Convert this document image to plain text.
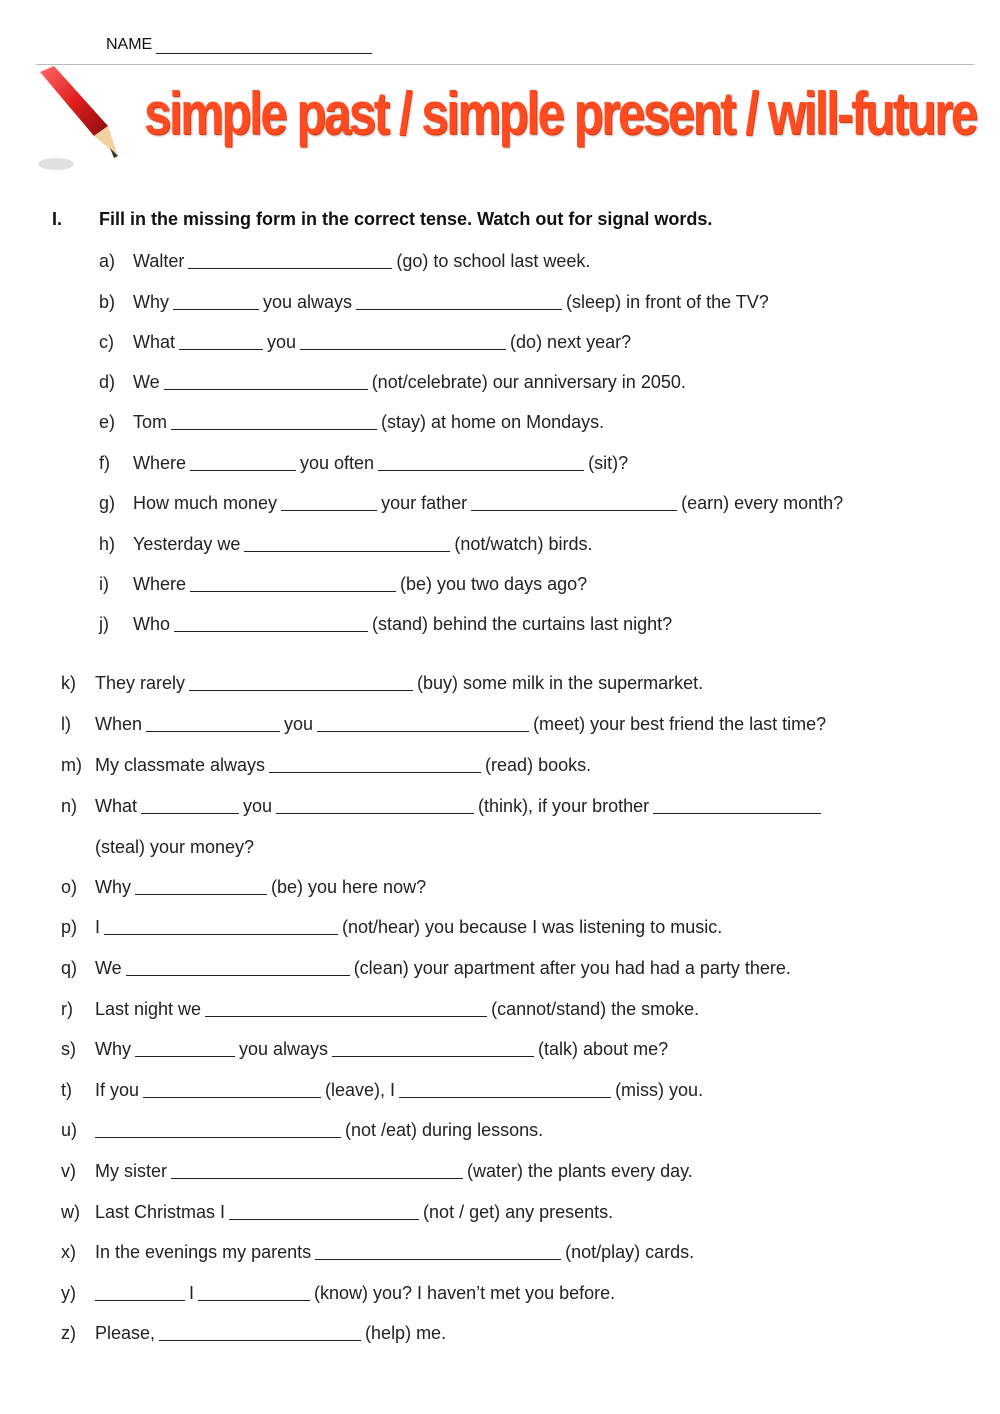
NAME
simple past / simple present / will-future
I. Fill in the missing form in the correct tense. Watch out for signal words.
a) Walter	(go) to school last week.
b) Why	you always	(sleep) in front of the TV?
c) What	you	(do) next year?
d) We	(not/celebrate) our anniversary in 2050.
e) Tom	(stay) at home on Mondays.
f) Where	you often	(sit)?
g) How much money	your father	(earn) every month?
h) Yesterday we	(not/watch) birds.
i) Where	(be) you two days ago?
j) Who	(stand) behind the curtains last night?
k) They rarely	(buy) some milk in the supermarket.
l) When	you	(meet) your best friend the last time?
m) My classmate always	(read) books.
n) What	you	(think), if your brother
(steal) your money?
o) Why	(be) you here now?
p) I	(not/hear) you because I was listening to music.
q) We	(clean) your apartment after you had had a party there.
r) Last night we	(cannot/stand) the smoke.
s) Why	you always	(talk) about me?
t) If you	(leave), I	(miss) you.
u)	(not /eat) during lessons.
v) My sister	(water) the plants every day.
w) Last Christmas I	(not / get) any presents.
x) In the evenings my parents	(not/play) cards.
y)	I	(know) you? I haven’t met you before.
z) Please,	(help) me.
